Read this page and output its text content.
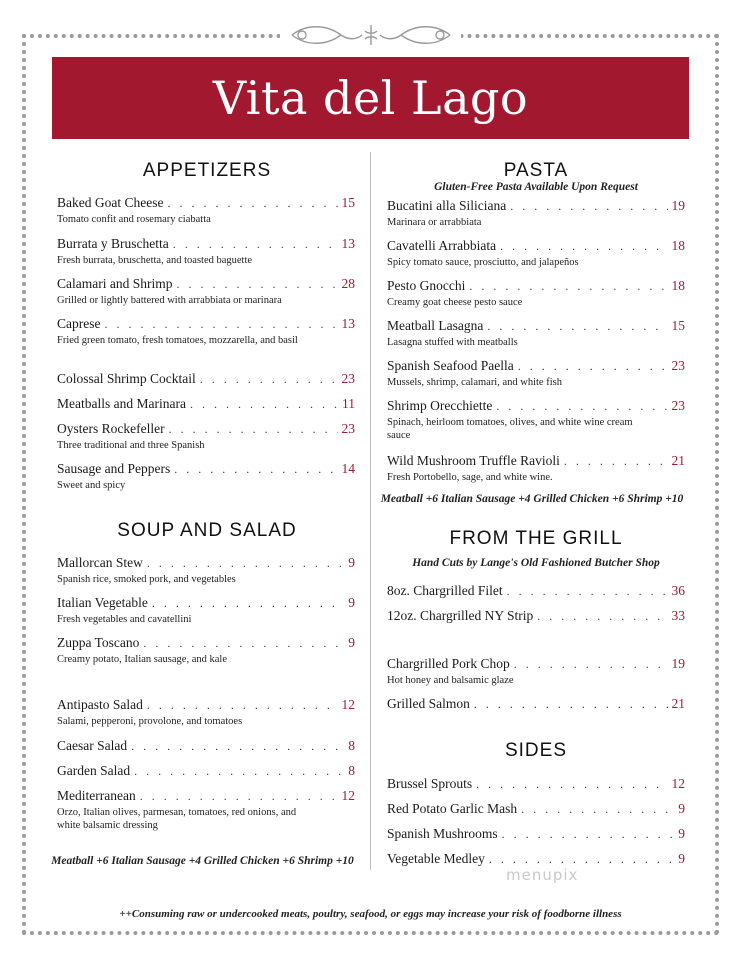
Vita del Lago
APPETIZERS
Baked Goat Cheese . . .	15
Tomato confit and rosemary ciabatta
Burrata y Bruschetta . . .	13
Fresh burrata, bruschetta, and toasted baguette
Calamari and Shrimp . . .	28
Grilled or lightly battered with arrabbiata or marinara
Caprese . . .	13
Fried green tomato, fresh tomatoes, mozzarella, and basil
Colossal Shrimp Cocktail . . .	23
Meatballs and Marinara . . .	11
Oysters Rockefeller . . .	23
Three traditional and three Spanish
Sausage and Peppers . . .	14
Sweet and spicy
SOUP AND SALAD
Mallorcan Stew . . .	9
Spanish rice, smoked pork, and vegetables
Italian Vegetable . . .	9
Fresh vegetables and cavatellini
Zuppa Toscano . . .	9
Creamy potato, Italian sausage, and kale
Antipasto Salad . . .	12
Salami, pepperoni, provolone, and tomatoes
Caesar Salad . . .	8
Garden Salad . . .	8
Mediterranean . . .	12
Orzo, Italian olives, parmesan, tomatoes, red onions, and white balsamic dressing
Meatball +6 Italian Sausage +4 Grilled Chicken +6 Shrimp +10
PASTA
Gluten-Free Pasta Available Upon Request
Bucatini alla Siliciana . . .	19
Marinara or arrabbiata
Cavatelli Arrabbiata . . .	18
Spicy tomato sauce, prosciutto, and jalapeños
Pesto Gnocchi . . .	18
Creamy goat cheese pesto sauce
Meatball Lasagna . . .	15
Lasagna stuffed with meatballs
Spanish Seafood Paella . . .	23
Mussels, shrimp, calamari, and white fish
Shrimp Orecchiette . . .	23
Spinach, heirloom tomatoes, olives, and white wine cream sauce
Wild Mushroom Truffle Ravioli . . .	21
Fresh Portobello, sage, and white wine.
Meatball +6 Italian Sausage +4 Grilled Chicken +6 Shrimp +10
FROM THE GRILL
Hand Cuts by Lange's Old Fashioned Butcher Shop
8oz. Chargrilled Filet . . .	36
12oz. Chargrilled NY Strip . . .	33
Chargrilled Pork Chop . . .	19
Hot honey and balsamic glaze
Grilled Salmon . . .	21
SIDES
Brussel Sprouts . . .	12
Red Potato Garlic Mash . . .	9
Spanish Mushrooms . . .	9
Vegetable Medley . . .	9
menupix
++Consuming raw or undercooked meats, poultry, seafood, or eggs may increase your risk of foodborne illness
